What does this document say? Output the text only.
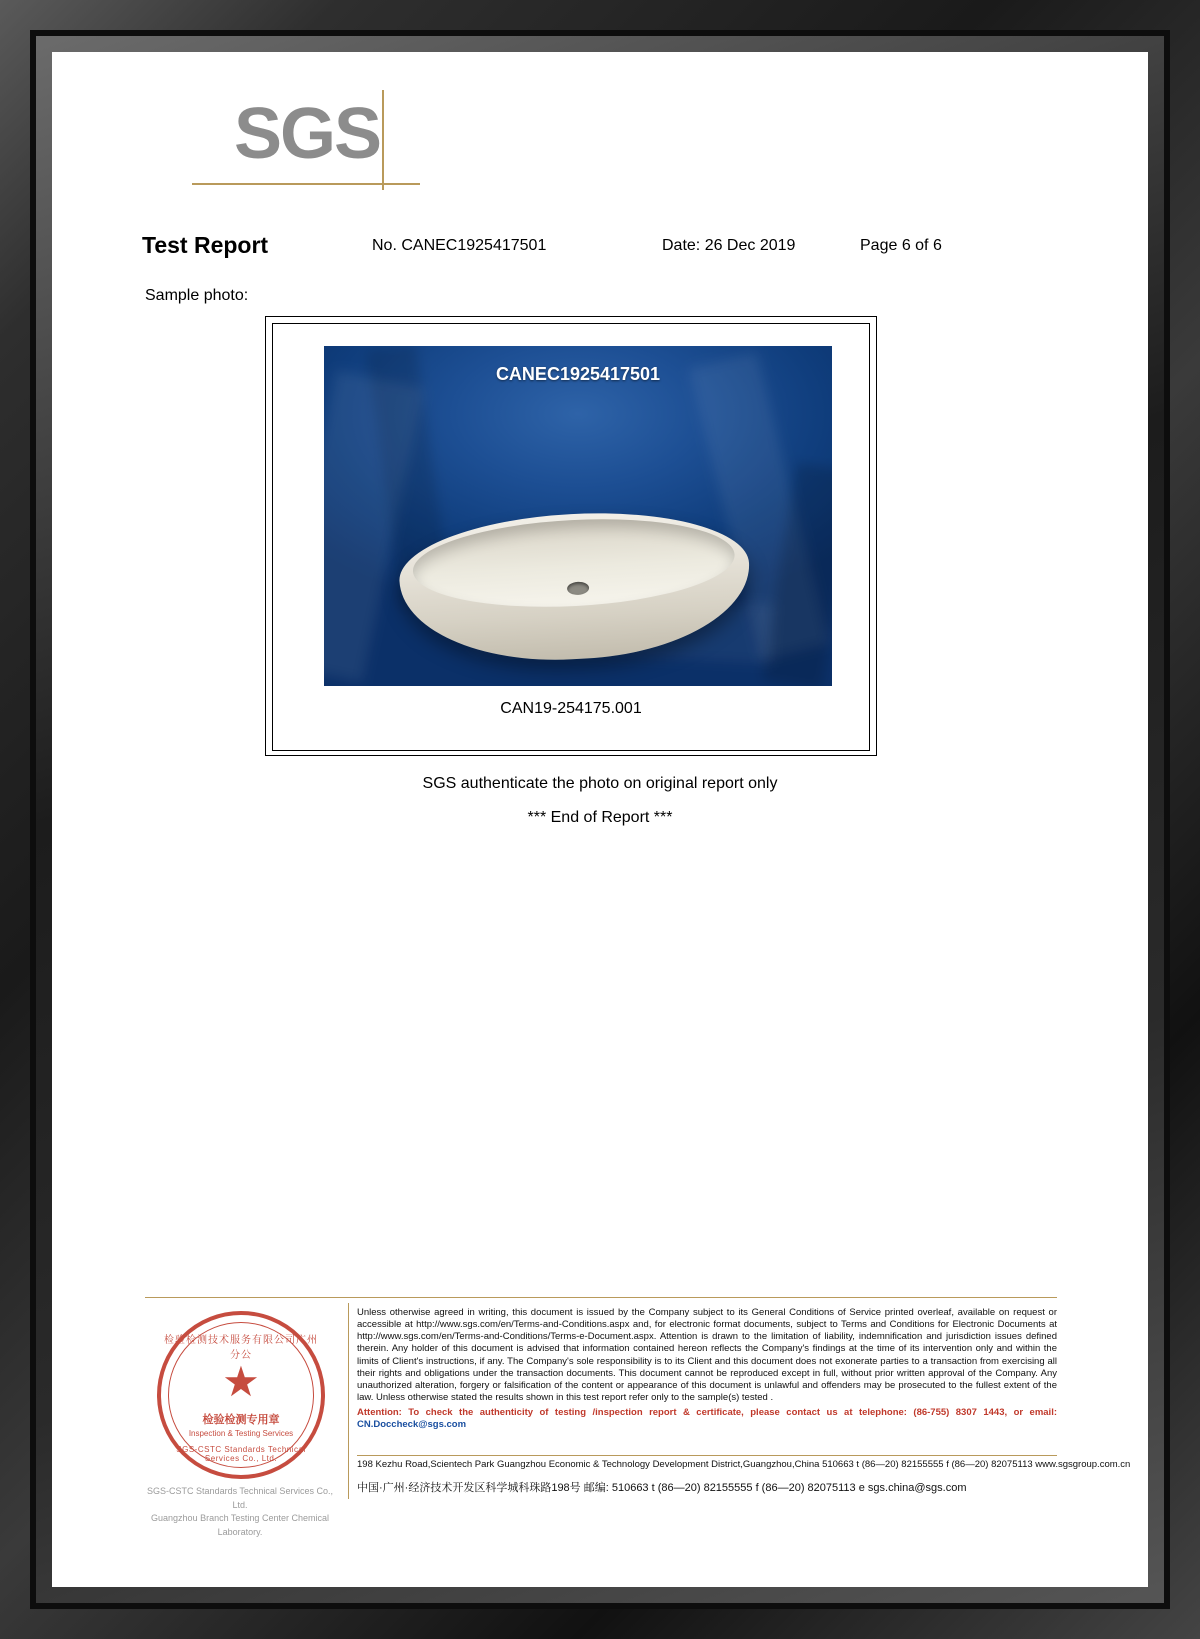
SGS
Test Report	No. CANEC1925417501	Date: 26 Dec 2019	Page 6 of 6
Sample photo:
CANEC1925417501
CAN19-254175.001
SGS authenticate the photo on original report only
*** End of Report ***
检验检测技术服务有限公司广州分公
★
检验检测专用章
Inspection & Testing Services
SGS-CSTC Standards Technical Services Co., Ltd.
SGS-CSTC Standards Technical Services Co., Ltd.
Guangzhou Branch Testing Center Chemical Laboratory.
Unless otherwise agreed in writing, this document is issued by the Company subject to its General Conditions of Service printed overleaf, available on request or accessible at http://www.sgs.com/en/Terms-and-Conditions.aspx and, for electronic format documents, subject to Terms and Conditions for Electronic Documents at http://www.sgs.com/en/Terms-and-Conditions/Terms-e-Document.aspx. Attention is drawn to the limitation of liability, indemnification and jurisdiction issues defined therein. Any holder of this document is advised that information contained hereon reflects the Company's findings at the time of its intervention only and within the limits of Client's instructions, if any. The Company's sole responsibility is to its Client and this document does not exonerate parties to a transaction from exercising all their rights and obligations under the transaction documents. This document cannot be reproduced except in full, without prior written approval of the Company. Any unauthorized alteration, forgery or falsification of the content or appearance of this document is unlawful and offenders may be prosecuted to the fullest extent of the law. Unless otherwise stated the results shown in this test report refer only to the sample(s) tested .
Attention: To check the authenticity of testing /inspection report & certificate, please contact us at telephone: (86-755) 8307 1443, or email: CN.Doccheck@sgs.com
198 Kezhu Road,Scientech Park Guangzhou Economic & Technology Development District,Guangzhou,China 510663 t (86—20) 82155555 f (86—20) 82075113 www.sgsgroup.com.cn
中国·广州·经济技术开发区科学城科珠路198号 邮编: 510663 t (86—20) 82155555 f (86—20) 82075113 e sgs.china@sgs.com
